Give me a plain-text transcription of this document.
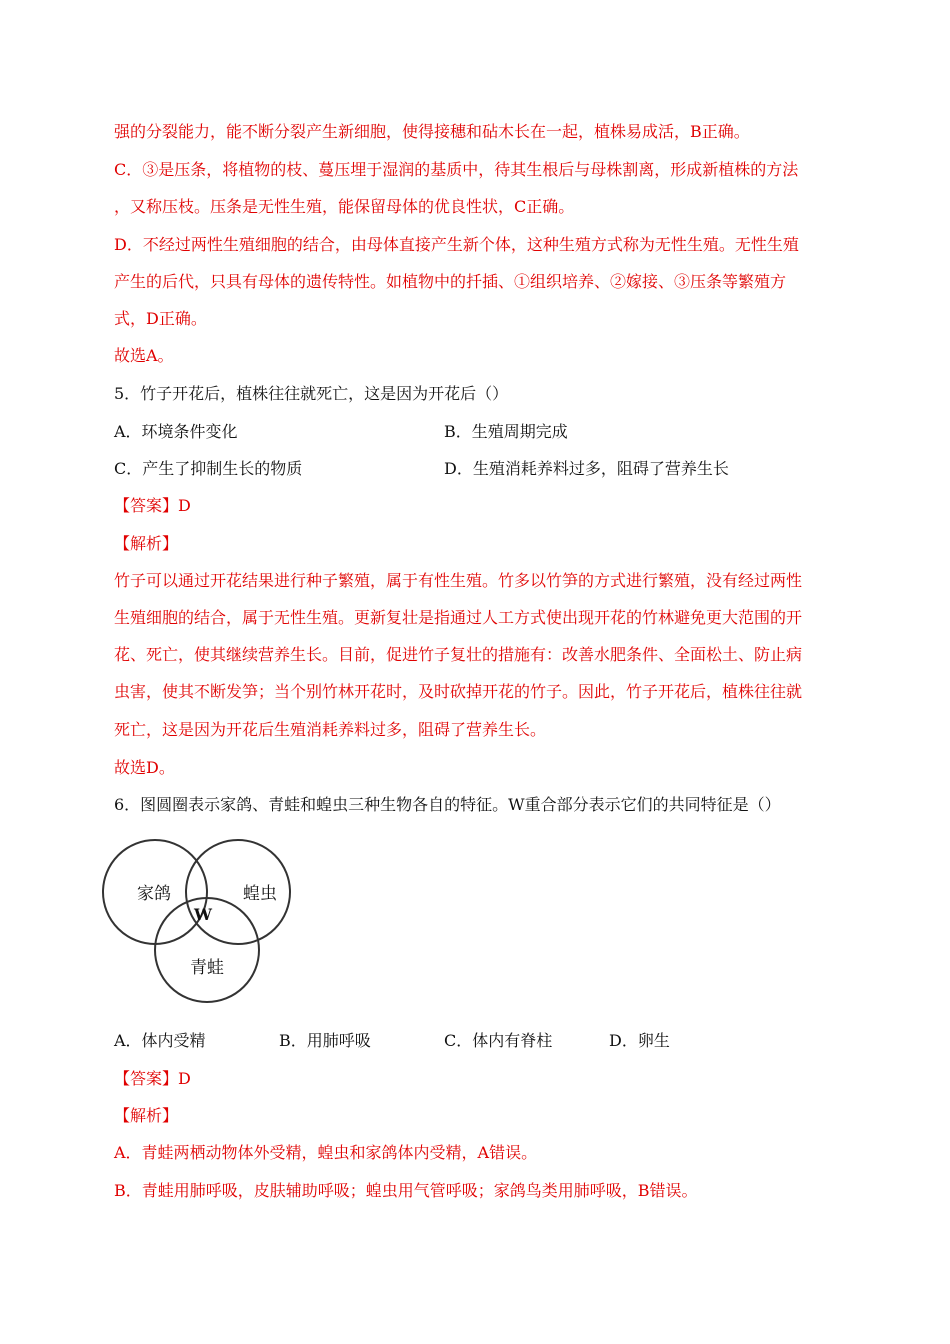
强的分裂能力，能不断分裂产生新细胞，使得接穗和砧木长在一起，植株易成活，B正确。
C．③是压条，将植物的枝、蔓压埋于湿润的基质中，待其生根后与母株割离，形成新植株的方法
，又称压枝。压条是无性生殖，能保留母体的优良性状，C正确。
D．不经过两性生殖细胞的结合，由母体直接产生新个体，这种生殖方式称为无性生殖。无性生殖
产生的后代，只具有母体的遗传特性。如植物中的扦插、①组织培养、②嫁接、③压条等繁殖方
式，D正确。
故选A。
5．竹子开花后，植株往往就死亡，这是因为开花后（）
A．环境条件变化	B．生殖周期完成
C．产生了抑制生长的物质	D．生殖消耗养料过多，阻碍了营养生长
【答案】D
【解析】
竹子可以通过开花结果进行种子繁殖，属于有性生殖。竹多以竹笋的方式进行繁殖，没有经过两性
生殖细胞的结合，属于无性生殖。更新复壮是指通过人工方式使出现开花的竹林避免更大范围的开
花、死亡，使其继续营养生长。目前，促进竹子复壮的措施有：改善水肥条件、全面松土、防止病
虫害，使其不断发笋；当个别竹林开花时，及时砍掉开花的竹子。因此，竹子开花后，植株往往就
死亡，这是因为开花后生殖消耗养料过多，阻碍了营养生长。
故选D。
6．图圆圈表示家鸽、青蛙和蝗虫三种生物各自的特征。W重合部分表示它们的共同特征是（）
家鸽	蝗虫
青蛙
W
A．体内受精	B．用肺呼吸	C．体内有脊柱	D．卵生
【答案】D
【解析】
A．青蛙两栖动物体外受精，蝗虫和家鸽体内受精，A错误。
B．青蛙用肺呼吸，皮肤辅助呼吸；蝗虫用气管呼吸；家鸽鸟类用肺呼吸，B错误。
